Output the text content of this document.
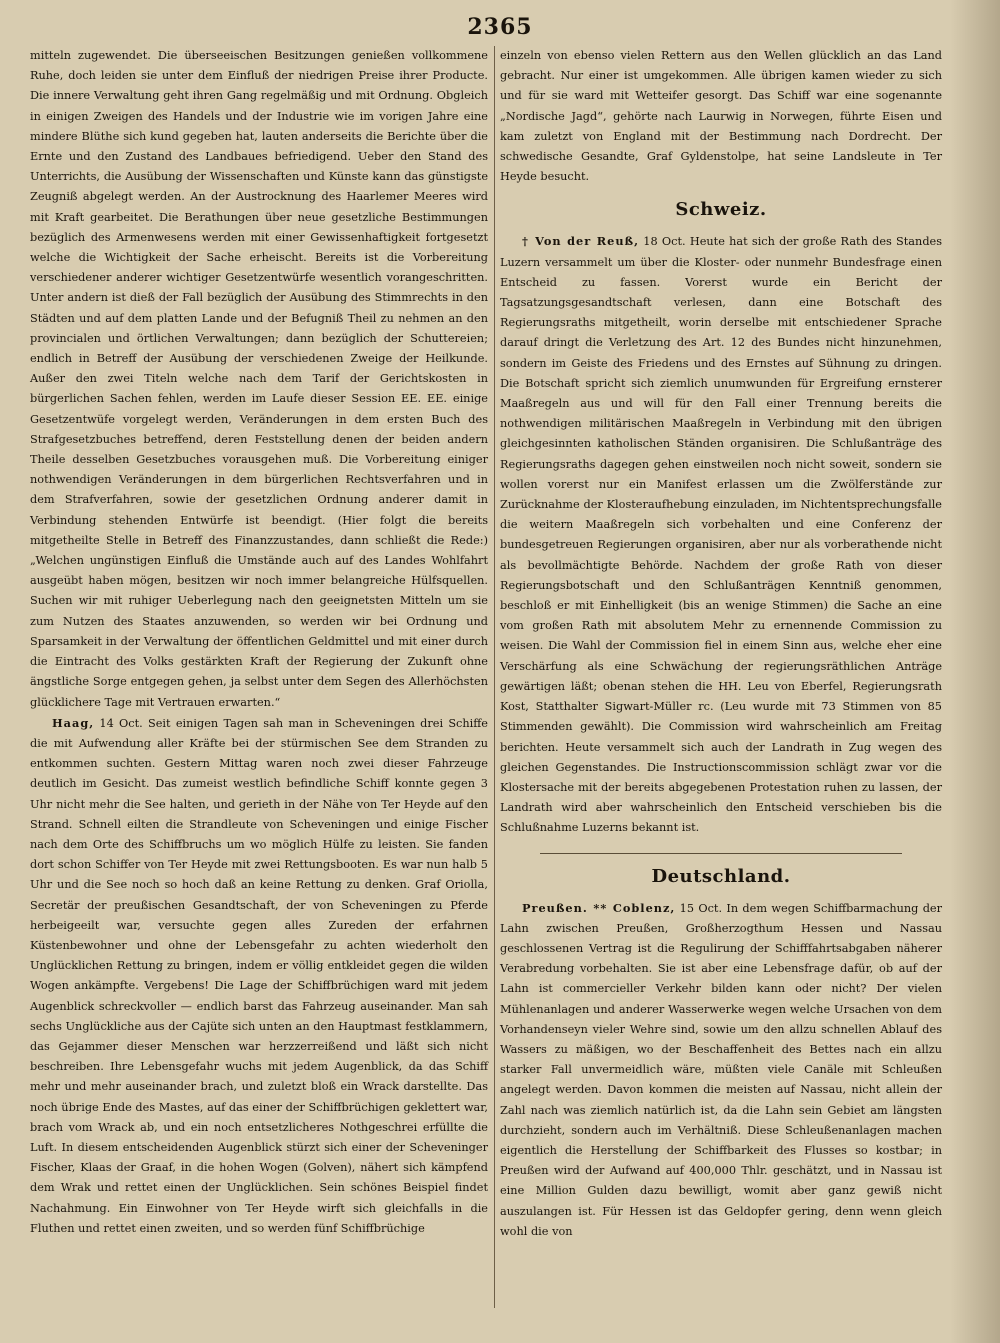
2365

mitteln zugewendet. Die überseeischen Besitzungen genießen vollkommene Ruhe, doch leiden sie unter dem Einfluß der niedrigen Preise ihrer Producte. Die innere Verwaltung geht ihren Gang regelmäßig und mit Ordnung. Obgleich in einigen Zweigen des Handels und der Industrie wie im vorigen Jahre eine mindere Blüthe sich kund gegeben hat, lauten anderseits die Berichte über die Ernte und den Zustand des Landbaues befriedigend. Ueber den Stand des Unterrichts, die Ausübung der Wissenschaften und Künste kann das günstigste Zeugniß abgelegt werden. An der Austrocknung des Haarlemer Meeres wird mit Kraft gearbeitet. Die Berathungen über neue gesetzliche Bestimmungen bezüglich des Armenwesens werden mit einer Gewissenhaftigkeit fortgesetzt welche die Wichtigkeit der Sache erheischt. Bereits ist die Vorbereitung verschiedener anderer wichtiger Gesetzentwürfe wesentlich vorangeschritten. Unter andern ist dieß der Fall bezüglich der Ausübung des Stimmrechts in den Städten und auf dem platten Lande und der Befugniß Theil zu nehmen an den provincialen und örtlichen Verwaltungen; dann bezüglich der Schuttereien; endlich in Betreff der Ausübung der verschiedenen Zweige der Heilkunde. Außer den zwei Titeln welche nach dem Tarif der Gerichtskosten in bürgerlichen Sachen fehlen, werden im Laufe dieser Session EE. EE. einige Gesetzentwüfe vorgelegt werden, Veränderungen in dem ersten Buch des Strafgesetzbuches betreffend, deren Feststellung denen der beiden andern Theile desselben Gesetzbuches vorausgehen muß. Die Vorbereitung einiger nothwendigen Veränderungen in dem bürgerlichen Rechtsverfahren und in dem Strafverfahren, sowie der gesetzlichen Ordnung anderer damit in Verbindung stehenden Entwürfe ist beendigt. (Hier folgt die bereits mitgetheilte Stelle in Betreff des Finanzzustandes, dann schließt die Rede:) „Welchen ungünstigen Einfluß die Umstände auch auf des Landes Wohlfahrt ausgeübt haben mögen, besitzen wir noch immer belangreiche Hülfsquellen. Suchen wir mit ruhiger Ueberlegung nach den geeignetsten Mitteln um sie zum Nutzen des Staates anzuwenden, so werden wir bei Ordnung und Sparsamkeit in der Verwaltung der öffentlichen Geldmittel und mit einer durch die Eintracht des Volks gestärkten Kraft der Regierung der Zukunft ohne ängstliche Sorge entgegen gehen, ja selbst unter dem Segen des Allerhöchsten glücklichere Tage mit Vertrauen erwarten.“

Haag, 14 Oct. Seit einigen Tagen sah man in Scheveningen drei Schiffe die mit Aufwendung aller Kräfte bei der stürmischen See dem Stranden zu entkommen suchten. Gestern Mittag waren noch zwei dieser Fahrzeuge deutlich im Gesicht. Das zumeist westlich befindliche Schiff konnte gegen 3 Uhr nicht mehr die See halten, und gerieth in der Nähe von Ter Heyde auf den Strand. Schnell eilten die Strandleute von Scheveningen und einige Fischer nach dem Orte des Schiffbruchs um wo möglich Hülfe zu leisten. Sie fanden dort schon Schiffer von Ter Heyde mit zwei Rettungsbooten. Es war nun halb 5 Uhr und die See noch so hoch daß an keine Rettung zu denken. Graf Oriolla, Secretär der preußischen Gesandtschaft, der von Scheveningen zu Pferde herbeigeeilt war, versuchte gegen alles Zureden der erfahrnen Küstenbewohner und ohne der Lebensgefahr zu achten wiederholt den Unglücklichen Rettung zu bringen, indem er völlig entkleidet gegen die wilden Wogen ankämpfte. Vergebens! Die Lage der Schiffbrüchigen ward mit jedem Augenblick schreckvoller — endlich barst das Fahrzeug auseinander. Man sah sechs Unglückliche aus der Cajüte sich unten an den Hauptmast festklammern, das Gejammer dieser Menschen war herzzerreißend und läßt sich nicht beschreiben. Ihre Lebensgefahr wuchs mit jedem Augenblick, da das Schiff mehr und mehr auseinander brach, und zuletzt bloß ein Wrack darstellte. Das noch übrige Ende des Mastes, auf das einer der Schiffbrüchigen geklettert war, brach vom Wrack ab, und ein noch entsetzlicheres Nothgeschrei erfüllte die Luft. In diesem entscheidenden Augenblick stürzt sich einer der Scheveninger Fischer, Klaas der Graaf, in die hohen Wogen (Golven), nähert sich kämpfend dem Wrak und rettet einen der Unglücklichen. Sein schönes Beispiel findet Nachahmung. Ein Einwohner von Ter Heyde wirft sich gleichfalls in die Fluthen und rettet einen zweiten, und so werden fünf Schiffbrüchige

einzeln von ebenso vielen Rettern aus den Wellen glücklich an das Land gebracht. Nur einer ist umgekommen. Alle übrigen kamen wieder zu sich und für sie ward mit Wetteifer gesorgt. Das Schiff war eine sogenannte „Nordische Jagd“, gehörte nach Laurwig in Norwegen, führte Eisen und kam zuletzt von England mit der Bestimmung nach Dordrecht. Der schwedische Gesandte, Graf Gyldenstolpe, hat seine Landsleute in Ter Heyde besucht.

Schweiz.

† Von der Reuß, 18 Oct. Heute hat sich der große Rath des Standes Luzern versammelt um über die Kloster- oder nunmehr Bundesfrage einen Entscheid zu fassen. Vorerst wurde ein Bericht der Tagsatzungsgesandtschaft verlesen, dann eine Botschaft des Regierungsraths mitgetheilt, worin derselbe mit entschiedener Sprache darauf dringt die Verletzung des Art. 12 des Bundes nicht hinzunehmen, sondern im Geiste des Friedens und des Ernstes auf Sühnung zu dringen. Die Botschaft spricht sich ziemlich unumwunden für Ergreifung ernsterer Maaßregeln aus und will für den Fall einer Trennung bereits die nothwendigen militärischen Maaßregeln in Verbindung mit den übrigen gleichgesinnten katholischen Ständen organisiren. Die Schlußanträge des Regierungsraths dagegen gehen einstweilen noch nicht soweit, sondern sie wollen vorerst nur ein Manifest erlassen um die Zwölferstände zur Zurücknahme der Klosteraufhebung einzuladen, im Nichtentsprechungsfalle die weitern Maaßregeln sich vorbehalten und eine Conferenz der bundesgetreuen Regierungen organisiren, aber nur als vorberathende nicht als bevollmächtigte Behörde. Nachdem der große Rath von dieser Regierungsbotschaft und den Schlußanträgen Kenntniß genommen, beschloß er mit Einhelligkeit (bis an wenige Stimmen) die Sache an eine vom großen Rath mit absolutem Mehr zu ernennende Commission zu weisen. Die Wahl der Commission fiel in einem Sinn aus, welche eher eine Verschärfung als eine Schwächung der regierungsräthlichen Anträge gewärtigen läßt; obenan stehen die HH. Leu von Eberfel, Regierungsrath Kost, Statthalter Sigwart-Müller rc. (Leu wurde mit 73 Stimmen von 85 Stimmenden gewählt). Die Commission wird wahrscheinlich am Freitag berichten. Heute versammelt sich auch der Landrath in Zug wegen des gleichen Gegenstandes. Die Instructionscommission schlägt zwar vor die Klostersache mit der bereits abgegebenen Protestation ruhen zu lassen, der Landrath wird aber wahrscheinlich den Entscheid verschieben bis die Schlußnahme Luzerns bekannt ist.

Deutschland.

Preußen. ** Coblenz, 15 Oct. In dem wegen Schiffbarmachung der Lahn zwischen Preußen, Großherzogthum Hessen und Nassau geschlossenen Vertrag ist die Regulirung der Schifffahrtsabgaben näherer Verabredung vorbehalten. Sie ist aber eine Lebensfrage dafür, ob auf der Lahn ist commercieller Verkehr bilden kann oder nicht? Der vielen Mühlenanlagen und anderer Wasserwerke wegen welche Ursachen von dem Vorhandenseyn vieler Wehre sind, sowie um den allzu schnellen Ablauf des Wassers zu mäßigen, wo der Beschaffenheit des Bettes nach ein allzu starker Fall unvermeidlich wäre, müßten viele Canäle mit Schleußen angelegt werden. Davon kommen die meisten auf Nassau, nicht allein der Zahl nach was ziemlich natürlich ist, da die Lahn sein Gebiet am längsten durchzieht, sondern auch im Verhältniß. Diese Schleußenanlagen machen eigentlich die Herstellung der Schiffbarkeit des Flusses so kostbar; in Preußen wird der Aufwand auf 400,000 Thlr. geschätzt, und in Nassau ist eine Million Gulden dazu bewilligt, womit aber ganz gewiß nicht auszulangen ist. Für Hessen ist das Geldopfer gering, denn wenn gleich wohl die von
